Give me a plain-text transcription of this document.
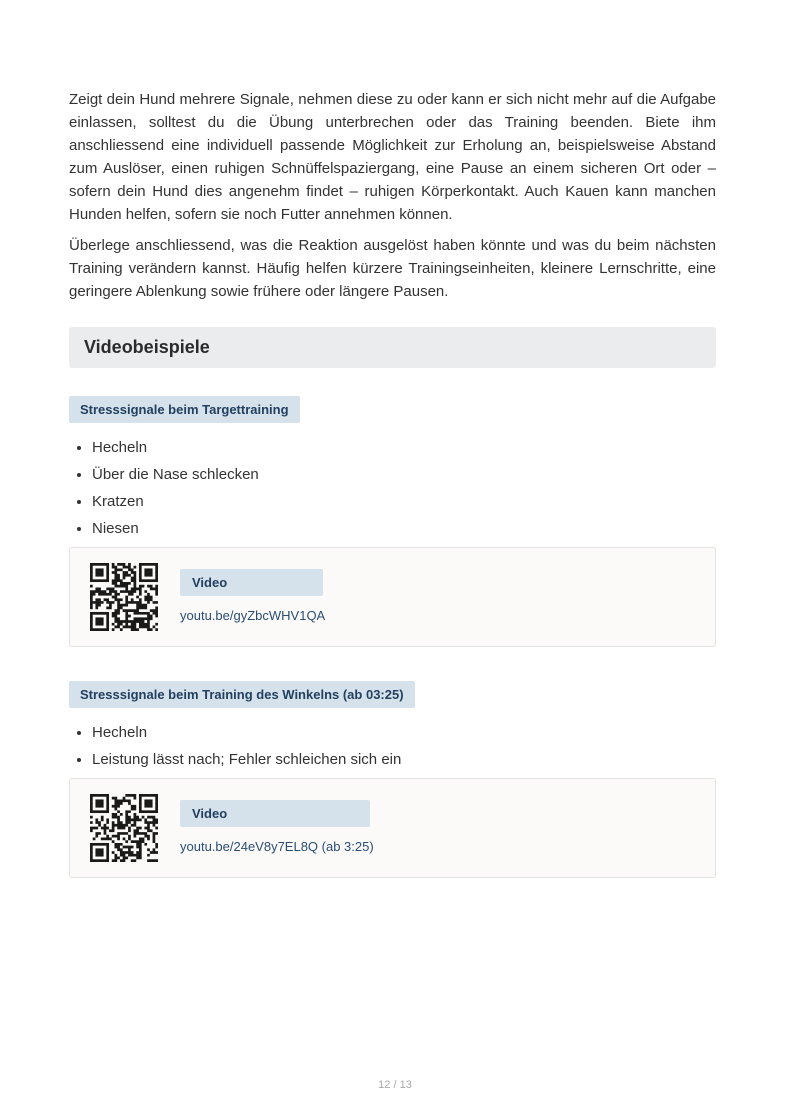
Zeigt dein Hund mehrere Signale, nehmen diese zu oder kann er sich nicht mehr auf die Aufgabe einlassen, solltest du die Übung unterbrechen oder das Training beenden. Biete ihm anschliessend eine individuell passende Möglichkeit zur Erholung an, beispielsweise Abstand zum Auslöser, einen ruhigen Schnüffelspaziergang, eine Pause an einem sicheren Ort oder – sofern dein Hund dies angenehm findet – ruhigen Körperkontakt. Auch Kauen kann manchen Hunden helfen, sofern sie noch Futter annehmen können.

Überlege anschliessend, was die Reaktion ausgelöst haben könnte und was du beim nächsten Training verändern kannst. Häufig helfen kürzere Trainingseinheiten, kleinere Lernschritte, eine geringere Ablenkung sowie frühere oder längere Pausen.

Videobeispiele
Stresssignale beim Targettraining
• Hecheln
• Über die Nase schlecken
• Kratzen
• Niesen
Video
youtu.be/gyZbcWHV1QA
Stresssignale beim Training des Winkelns (ab 03:25)
• Hecheln
• Leistung lässt nach; Fehler schleichen sich ein
Video
youtu.be/24eV8y7EL8Q (ab 3:25)
12 / 13
